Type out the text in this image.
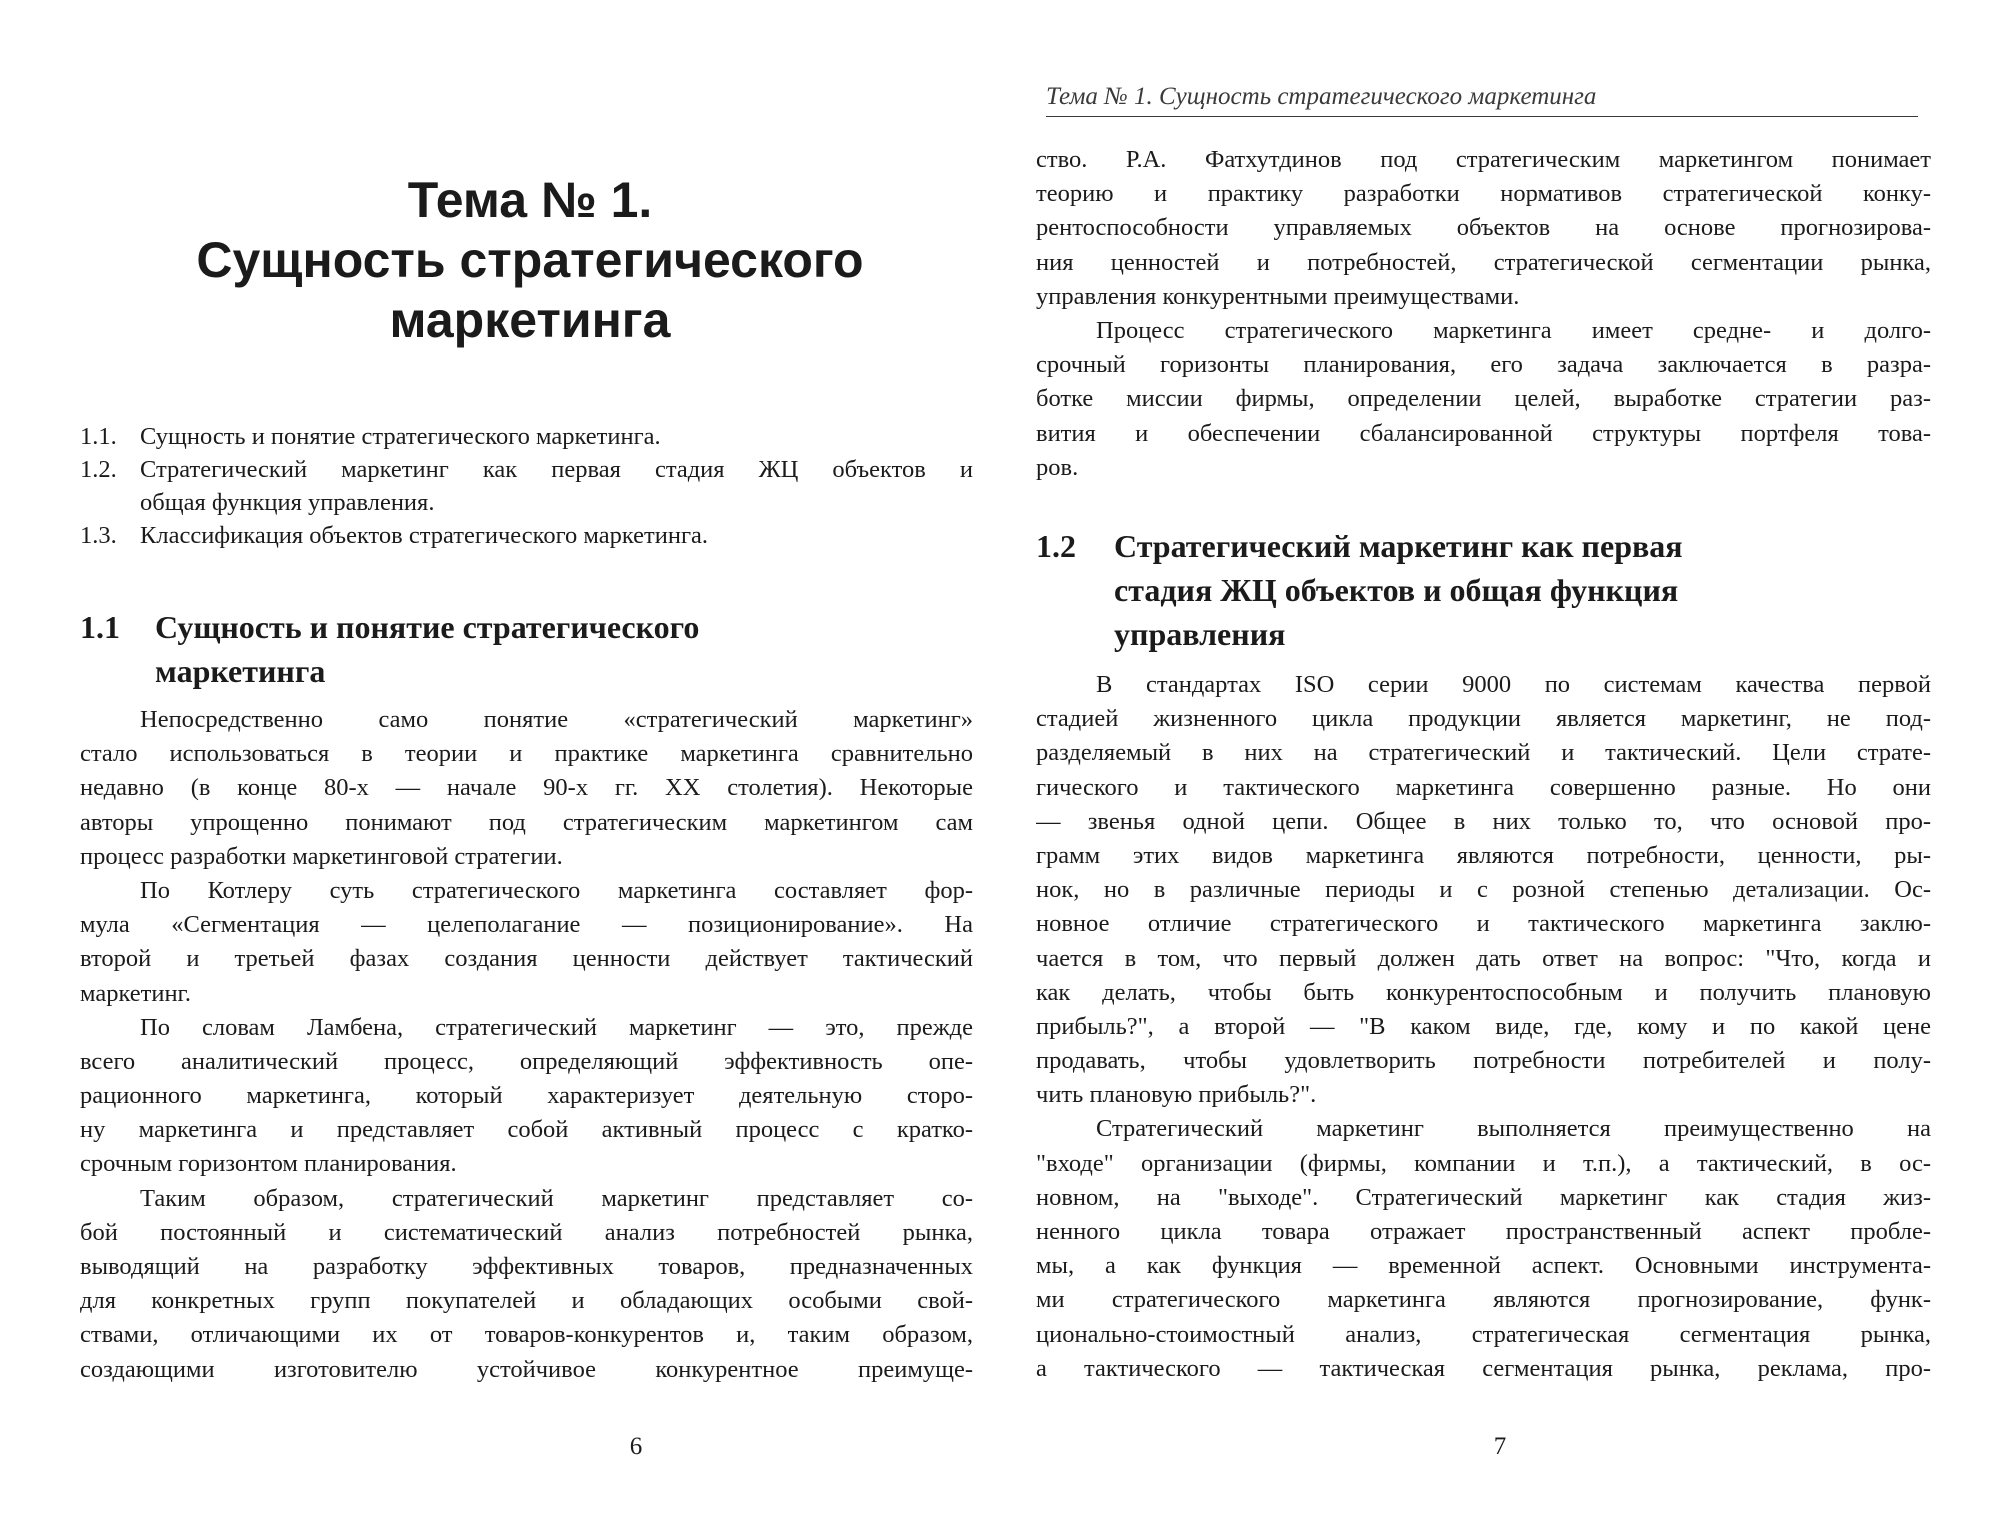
Тема № 1.
Сущность стратегического
маркетинга
1.1. Сущность и понятие стратегического маркетинга.
1.2. Стратегический маркетинг как первая стадия ЖЦ объектов и
общая функция управления.
1.3. Классификация объектов стратегического маркетинга.
1.1 Сущность и понятие стратегического
маркетинга
Непосредственно само понятие «стратегический маркетинг»
стало использоваться в теории и практике маркетинга сравнительно
недавно (в конце 80-х — начале 90-х гг. XX столетия). Некоторые
авторы упрощенно понимают под стратегическим маркетингом сам
процесс разработки маркетинговой стратегии.
По Котлеру суть стратегического маркетинга составляет фор-
мула «Сегментация — целеполагание — позиционирование». На
второй и третьей фазах создания ценности действует тактический
маркетинг.
По словам Ламбена, стратегический маркетинг — это, прежде
всего аналитический процесс, определяющий эффективность опе-
рационного маркетинга, который характеризует деятельную сторо-
ну маркетинга и представляет собой активный процесс с кратко-
срочным горизонтом планирования.
Таким образом, стратегический маркетинг представляет со-
бой постоянный и систематический анализ потребностей рынка,
выводящий на разработку эффективных товаров, предназначенных
для конкретных групп покупателей и обладающих особыми свой-
ствами, отличающими их от товаров-конкурентов и, таким образом,
создающими изготовителю устойчивое конкурентное преимуще-
6
Тема № 1. Сущность стратегического маркетинга
ство. Р.А. Фатхутдинов под стратегическим маркетингом понимает
теорию и практику разработки нормативов стратегической конку-
рентоспособности управляемых объектов на основе прогнозирова-
ния ценностей и потребностей, стратегической сегментации рынка,
управления конкурентными преимуществами.
Процесс стратегического маркетинга имеет средне- и долго-
срочный горизонты планирования, его задача заключается в разра-
ботке миссии фирмы, определении целей, выработке стратегии раз-
вития и обеспечении сбалансированной структуры портфеля това-
ров.
1.2 Стратегический маркетинг как первая
стадия ЖЦ объектов и общая функция
управления
В стандартах ISO серии 9000 по системам качества первой
стадией жизненного цикла продукции является маркетинг, не под-
разделяемый в них на стратегический и тактический. Цели страте-
гического и тактического маркетинга совершенно разные. Но они
— звенья одной цепи. Общее в них только то, что основой про-
грамм этих видов маркетинга являются потребности, ценности, ры-
нок, но в различные периоды и с розной степенью детализации. Ос-
новное отличие стратегического и тактического маркетинга заклю-
чается в том, что первый должен дать ответ на вопрос: "Что, когда и
как делать, чтобы быть конкурентоспособным и получить плановую
прибыль?", а второй — "В каком виде, где, кому и по какой цене
продавать, чтобы удовлетворить потребности потребителей и полу-
чить плановую прибыль?".
Стратегический маркетинг выполняется преимущественно на
"входе" организации (фирмы, компании и т.п.), а тактический, в ос-
новном, на "выходе". Стратегический маркетинг как стадия жиз-
ненного цикла товара отражает пространственный аспект пробле-
мы, а как функция — временной аспект. Основными инструмента-
ми стратегического маркетинга являются прогнозирование, функ-
ционально-стоимостный анализ, стратегическая сегментация рынка,
а тактического — тактическая сегментация рынка, реклама, про-
7
